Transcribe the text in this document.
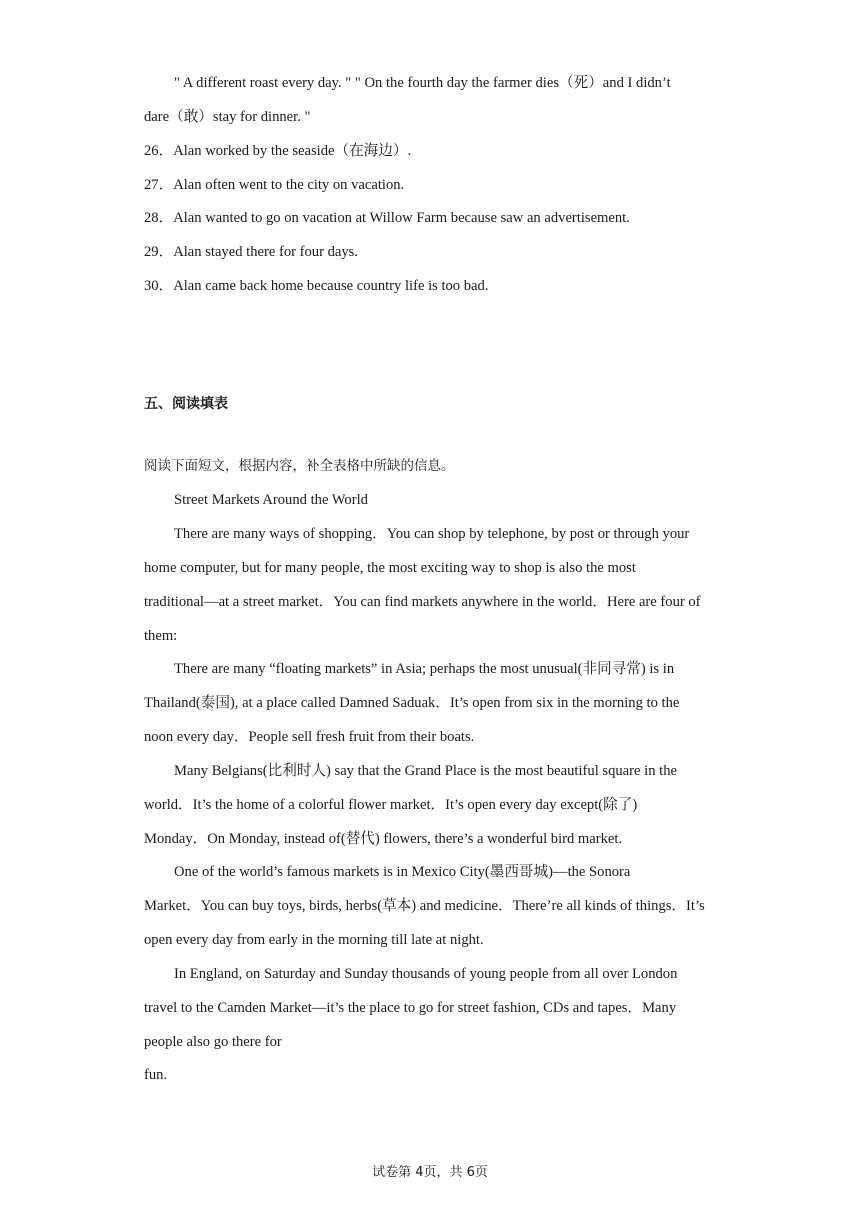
" A different roast every day. " " On the fourth day the farmer dies（死）and I didn’t
dare（敢）stay for dinner. "
26．Alan worked by the seaside（在海边）.
27．Alan often went to the city on vacation.
28．Alan wanted to go on vacation at Willow Farm because saw an advertisement.
29．Alan stayed there for four days.
30．Alan came back home because country life is too bad.
五、阅读填表
阅读下面短文，根据内容，补全表格中所缺的信息。
Street Markets Around the World
There are many ways of shopping．You can shop by telephone, by post or through your
home computer, but for many people, the most exciting way to shop is also the most
traditional—at a street market．You can find markets anywhere in the world．Here are four of
them:
There are many “floating markets” in Asia; perhaps the most unusual(非同寻常) is in
Thailand(泰国), at a place called Damned Saduak．It’s open from six in the morning to the
noon every day．People sell fresh fruit from their boats.
Many Belgians(比利时人) say that the Grand Place is the most beautiful square in the
world．It’s the home of a colorful flower market．It’s open every day except(除了)
Monday．On Monday, instead of(替代) flowers, there’s a wonderful bird market.
One of the world’s famous markets is in Mexico City(墨西哥城)—the Sonora
Market．You can buy toys, birds, herbs(草本) and medicine．There’re all kinds of things．It’s
open every day from early in the morning till late at night.
In England, on Saturday and Sunday thousands of young people from all over London
travel to the Camden Market—it’s the place to go for street fashion, CDs and tapes．Many
people also go there for
fun.
试卷第 4页，共 6页
